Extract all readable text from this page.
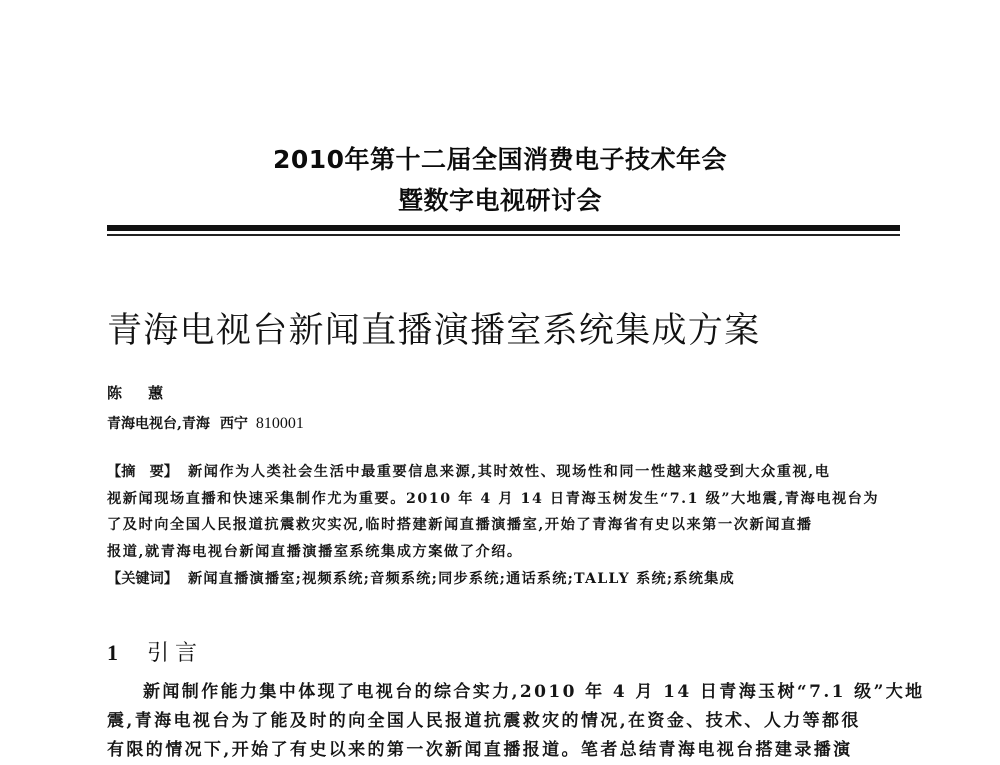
2010年第十二届全国消费电子技术年会
暨数字电视研讨会
青海电视台新闻直播演播室系统集成方案
陈 蕙
青海电视台,青海 西宁 810001
【摘　要】 新闻作为人类社会生活中最重要信息来源,其时效性、现场性和同一性越来越受到大众重视,电
视新闻现场直播和快速采集制作尤为重要。2010 年 4 月 14 日青海玉树发生“7.1 级”大地震,青海电视台为
了及时向全国人民报道抗震救灾实况,临时搭建新闻直播演播室,开始了青海省有史以来第一次新闻直播
报道,就青海电视台新闻直播演播室系统集成方案做了介绍。
【关键词】 新闻直播演播室;视频系统;音频系统;同步系统;通话系统;TALLY 系统;系统集成
1 引言
新闻制作能力集中体现了电视台的综合实力,2010 年 4 月 14 日青海玉树“7.1 级”大地
震,青海电视台为了能及时的向全国人民报道抗震救灾的情况,在资金、技术、人力等都很
有限的情况下,开始了有史以来的第一次新闻直播报道。笔者总结青海电视台搭建录播演
